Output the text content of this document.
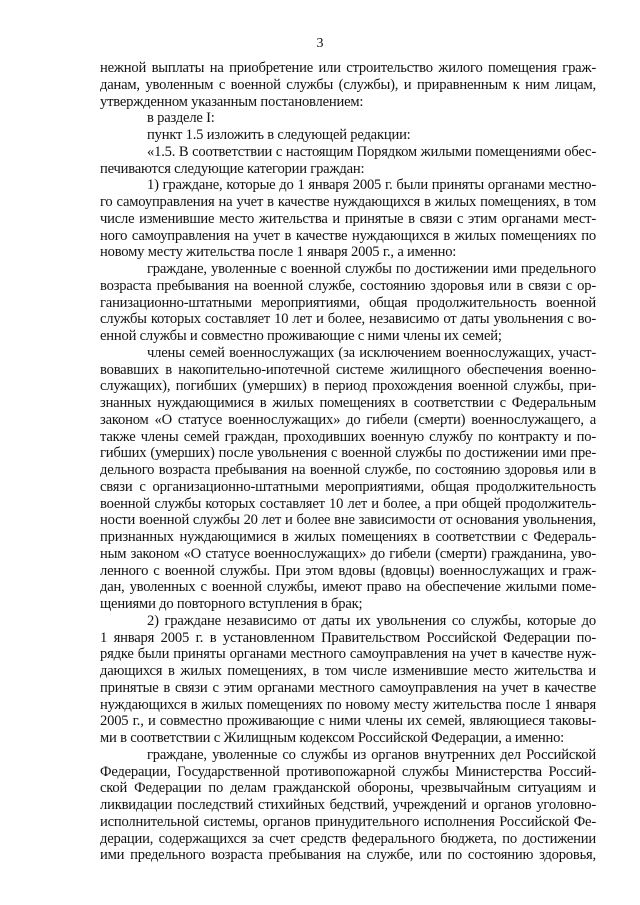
3

нежной выплаты на приобретение или строительство жилого помещения граж-

данам, уволенным с военной службы (службы), и приравненным к ним лицам,

утвержденном указанным постановлением:

в разделе I:

пункт 1.5 изложить в следующей редакции:

«1.5. В соответствии с настоящим Порядком жилыми помещениями обес-

печиваются следующие категории граждан:

1) граждане, которые до 1 января 2005 г. были приняты органами местно-

го самоуправления на учет в качестве нуждающихся в жилых помещениях, в том

числе изменившие место жительства и принятые в связи с этим органами мест-

ного самоуправления на учет в качестве нуждающихся в жилых помещениях по

новому месту жительства после 1 января 2005 г., а именно:

граждане, уволенные с военной службы по достижении ими предельного

возраста пребывания на военной службе, состоянию здоровья или в связи с ор-

ганизационно-штатными мероприятиями, общая продолжительность военной

службы которых составляет 10 лет и более, независимо от даты увольнения с во-

енной службы и совместно проживающие с ними члены их семей;

члены семей военнослужащих (за исключением военнослужащих, участ-

вовавших в накопительно-ипотечной системе жилищного обеспечения военно-

служащих), погибших (умерших) в период прохождения военной службы, при-

знанных нуждающимися в жилых помещениях в соответствии с Федеральным

законом «О статусе военнослужащих» до гибели (смерти) военнослужащего, а

также члены семей граждан, проходивших военную службу по контракту и по-

гибших (умерших) после увольнения с военной службы по достижении ими пре-

дельного возраста пребывания на военной службе, по состоянию здоровья или в

связи с организационно-штатными мероприятиями, общая продолжительность

военной службы которых составляет 10 лет и более, а при общей продолжитель-

ности военной службы 20 лет и более вне зависимости от основания увольнения,

признанных нуждающимися в жилых помещениях в соответствии с Федераль-

ным законом «О статусе военнослужащих» до гибели (смерти) гражданина, уво-

ленного с военной службы. При этом вдовы (вдовцы) военнослужащих и граж-

дан, уволенных с военной службы, имеют право на обеспечение жилыми поме-

щениями до повторного вступления в брак;

2) граждане независимо от даты их увольнения со службы, которые до

1 января 2005 г. в установленном Правительством Российской Федерации по-

рядке были приняты органами местного самоуправления на учет в качестве нуж-

дающихся в жилых помещениях, в том числе изменившие место жительства и

принятые в связи с этим органами местного самоуправления на учет в качестве

нуждающихся в жилых помещениях по новому месту жительства после 1 января

2005 г., и совместно проживающие с ними члены их семей, являющиеся таковы-

ми в соответствии с Жилищным кодексом Российской Федерации, а именно:

граждане, уволенные со службы из органов внутренних дел Российской

Федерации, Государственной противопожарной службы Министерства Россий-

ской Федерации по делам гражданской обороны, чрезвычайным ситуациям и

ликвидации последствий стихийных бедствий, учреждений и органов уголовно-

исполнительной системы, органов принудительного исполнения Российской Фе-

дерации, содержащихся за счет средств федерального бюджета, по достижении

ими предельного возраста пребывания на службе, или по состоянию здоровья,
